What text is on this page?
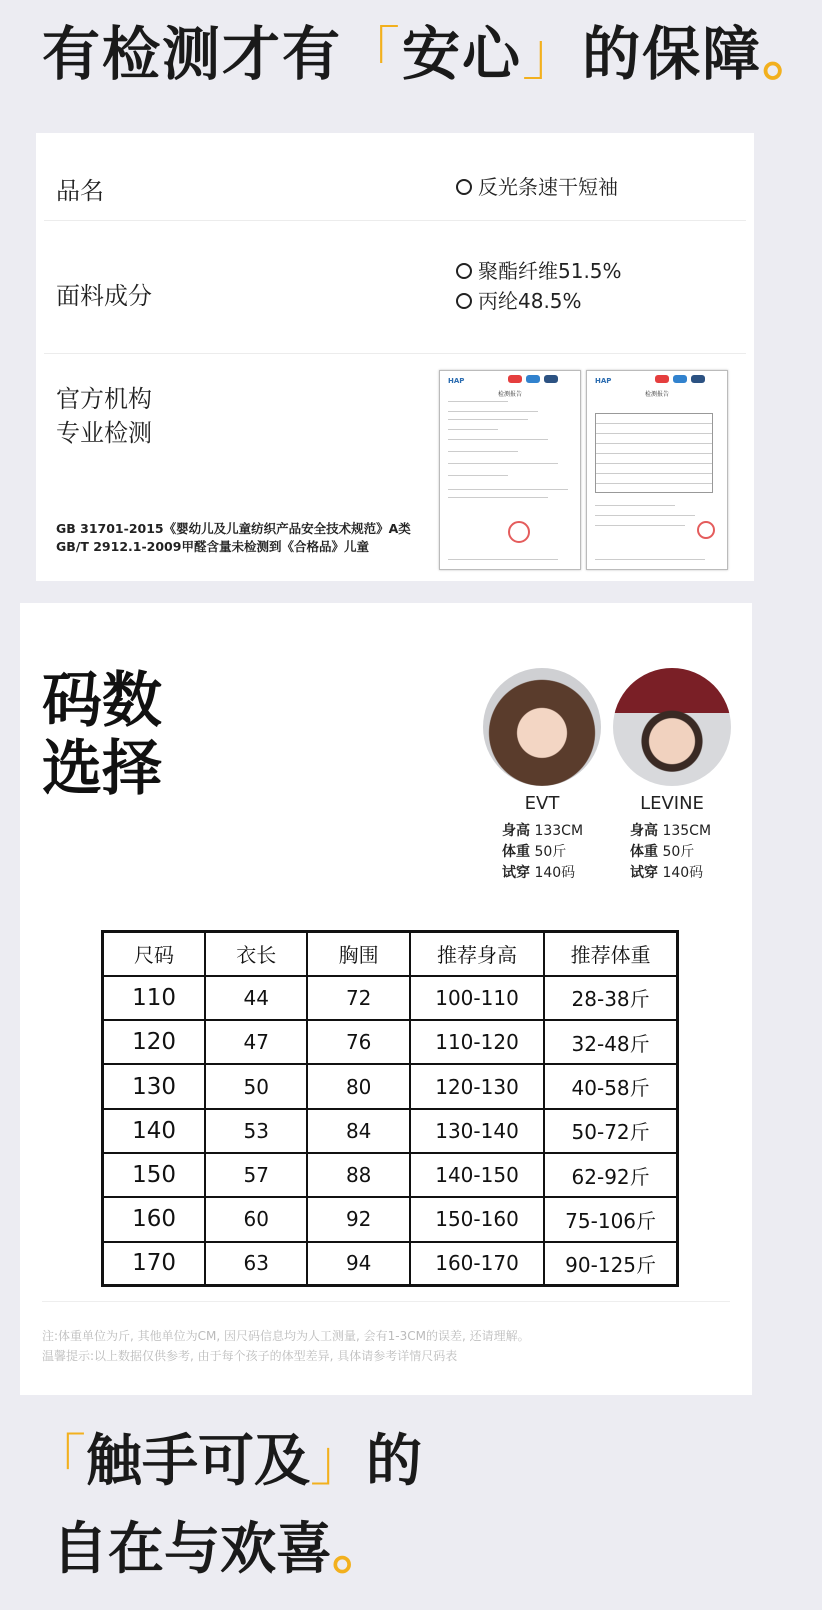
有检测才有「安心」的保障。
品名	反光条速干短袖
面料成分
聚酯纤维51.5%
丙纶48.5%
官方机构
专业检测
HAP
检测报告
HAP
检测报告
GB 31701-2015《婴幼儿及儿童纺织产品安全技术规范》A类
GB/T 2912.1-2009甲醛含量未检测到《合格品》儿童
码数
选择	EVT
身高 133CM
体重 50斤
试穿 140码
LEVINE
身高 135CM
体重 50斤
试穿 140码
尺码	衣长	胸围	推荐身高	推荐体重
110	44	72	100-110	28-38斤
120	47	76	110-120	32-48斤
130	50	80	120-130	40-58斤
140	53	84	130-140	50-72斤
150	57	88	140-150	62-92斤
160	60	92	150-160	75-106斤
170	63	94	160-170	90-125斤
注:体重单位为斤, 其他单位为CM, 因尺码信息均为人工测量, 会有1-3CM的误差, 还请理解。
温馨提示:以上数据仅供参考, 由于每个孩子的体型差异, 具体请参考详情尺码表
「触手可及」的
自在与欢喜。
